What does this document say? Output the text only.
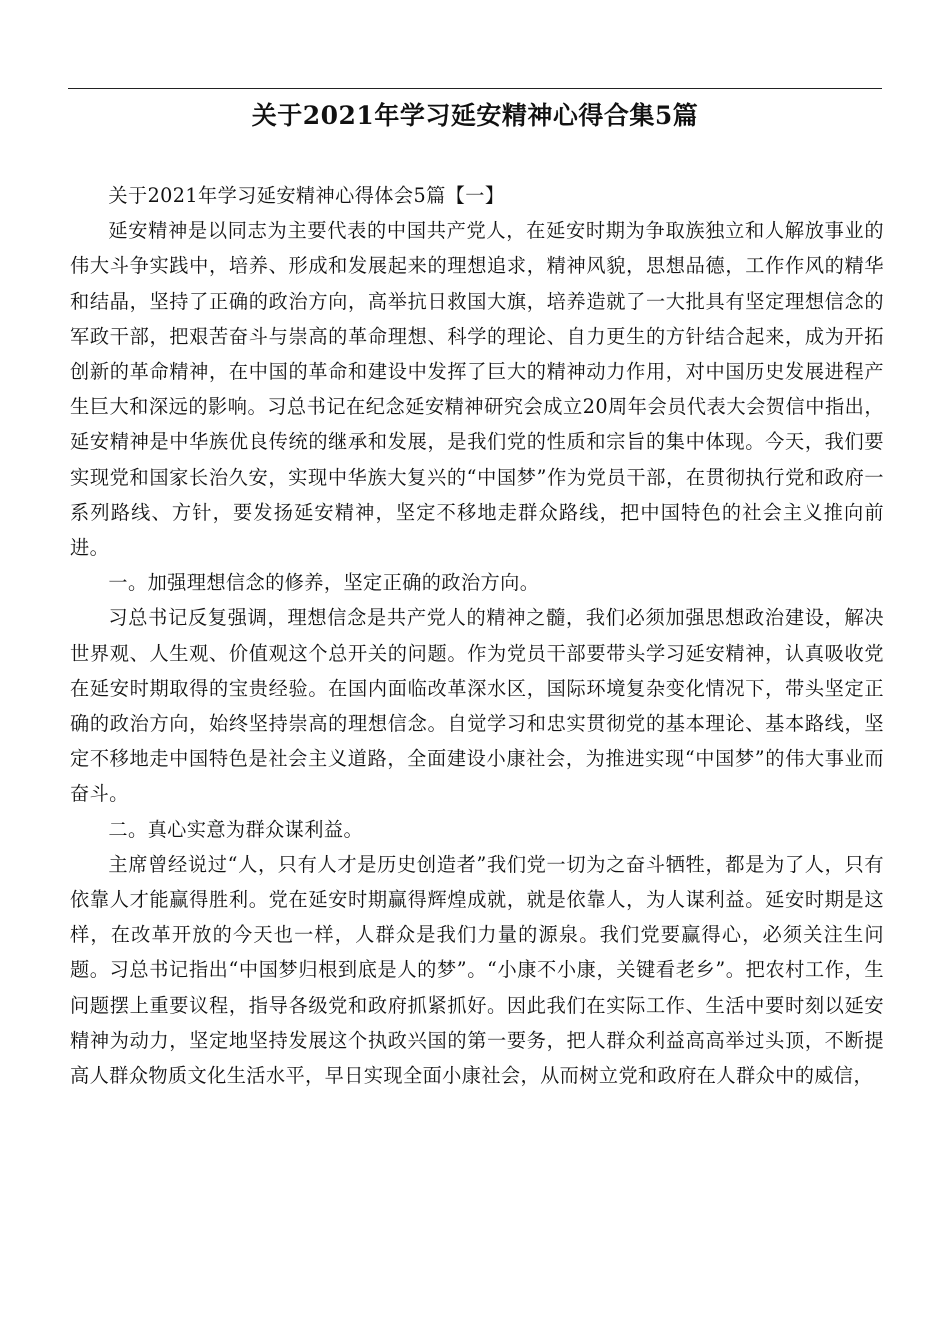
关于2021年学习延安精神心得合集5篇

关于2021年学习延安精神心得体会5篇【一】

延安精神是以同志为主要代表的中国共产党人，在延安时期为争取族独立和人解放事业的伟大斗争实践中，培养、形成和发展起来的理想追求，精神风貌，思想品德，工作作风的精华和结晶，坚持了正确的政治方向，高举抗日救国大旗，培养造就了一大批具有坚定理想信念的军政干部，把艰苦奋斗与崇高的革命理想、科学的理论、自力更生的方针结合起来，成为开拓创新的革命精神，在中国的革命和建设中发挥了巨大的精神动力作用，对中国历史发展进程产生巨大和深远的影响。习总书记在纪念延安精神研究会成立20周年会员代表大会贺信中指出，延安精神是中华族优良传统的继承和发展，是我们党的性质和宗旨的集中体现。今天，我们要实现党和国家长治久安，实现中华族大复兴的“中国梦”作为党员干部，在贯彻执行党和政府一系列路线、方针，要发扬延安精神，坚定不移地走群众路线，把中国特色的社会主义推向前进。

一。加强理想信念的修养，坚定正确的政治方向。

习总书记反复强调，理想信念是共产党人的精神之髓，我们必须加强思想政治建设，解决世界观、人生观、价值观这个总开关的问题。作为党员干部要带头学习延安精神，认真吸收党在延安时期取得的宝贵经验。在国内面临改革深水区，国际环境复杂变化情况下，带头坚定正确的政治方向，始终坚持崇高的理想信念。自觉学习和忠实贯彻党的基本理论、基本路线，坚定不移地走中国特色是社会主义道路，全面建设小康社会，为推进实现“中国梦”的伟大事业而奋斗。

二。真心实意为群众谋利益。

主席曾经说过“人，只有人才是历史创造者”我们党一切为之奋斗牺牲，都是为了人，只有依靠人才能赢得胜利。党在延安时期赢得辉煌成就，就是依靠人，为人谋利益。延安时期是这样，在改革开放的今天也一样，人群众是我们力量的源泉。我们党要赢得心，必须关注生问题。习总书记指出“中国梦归根到底是人的梦”。“小康不小康，关键看老乡”。把农村工作，生问题摆上重要议程，指导各级党和政府抓紧抓好。因此我们在实际工作、生活中要时刻以延安精神为动力，坚定地坚持发展这个执政兴国的第一要务，把人群众利益高高举过头顶，不断提高人群众物质文化生活水平，早日实现全面小康社会，从而树立党和政府在人群众中的威信，
